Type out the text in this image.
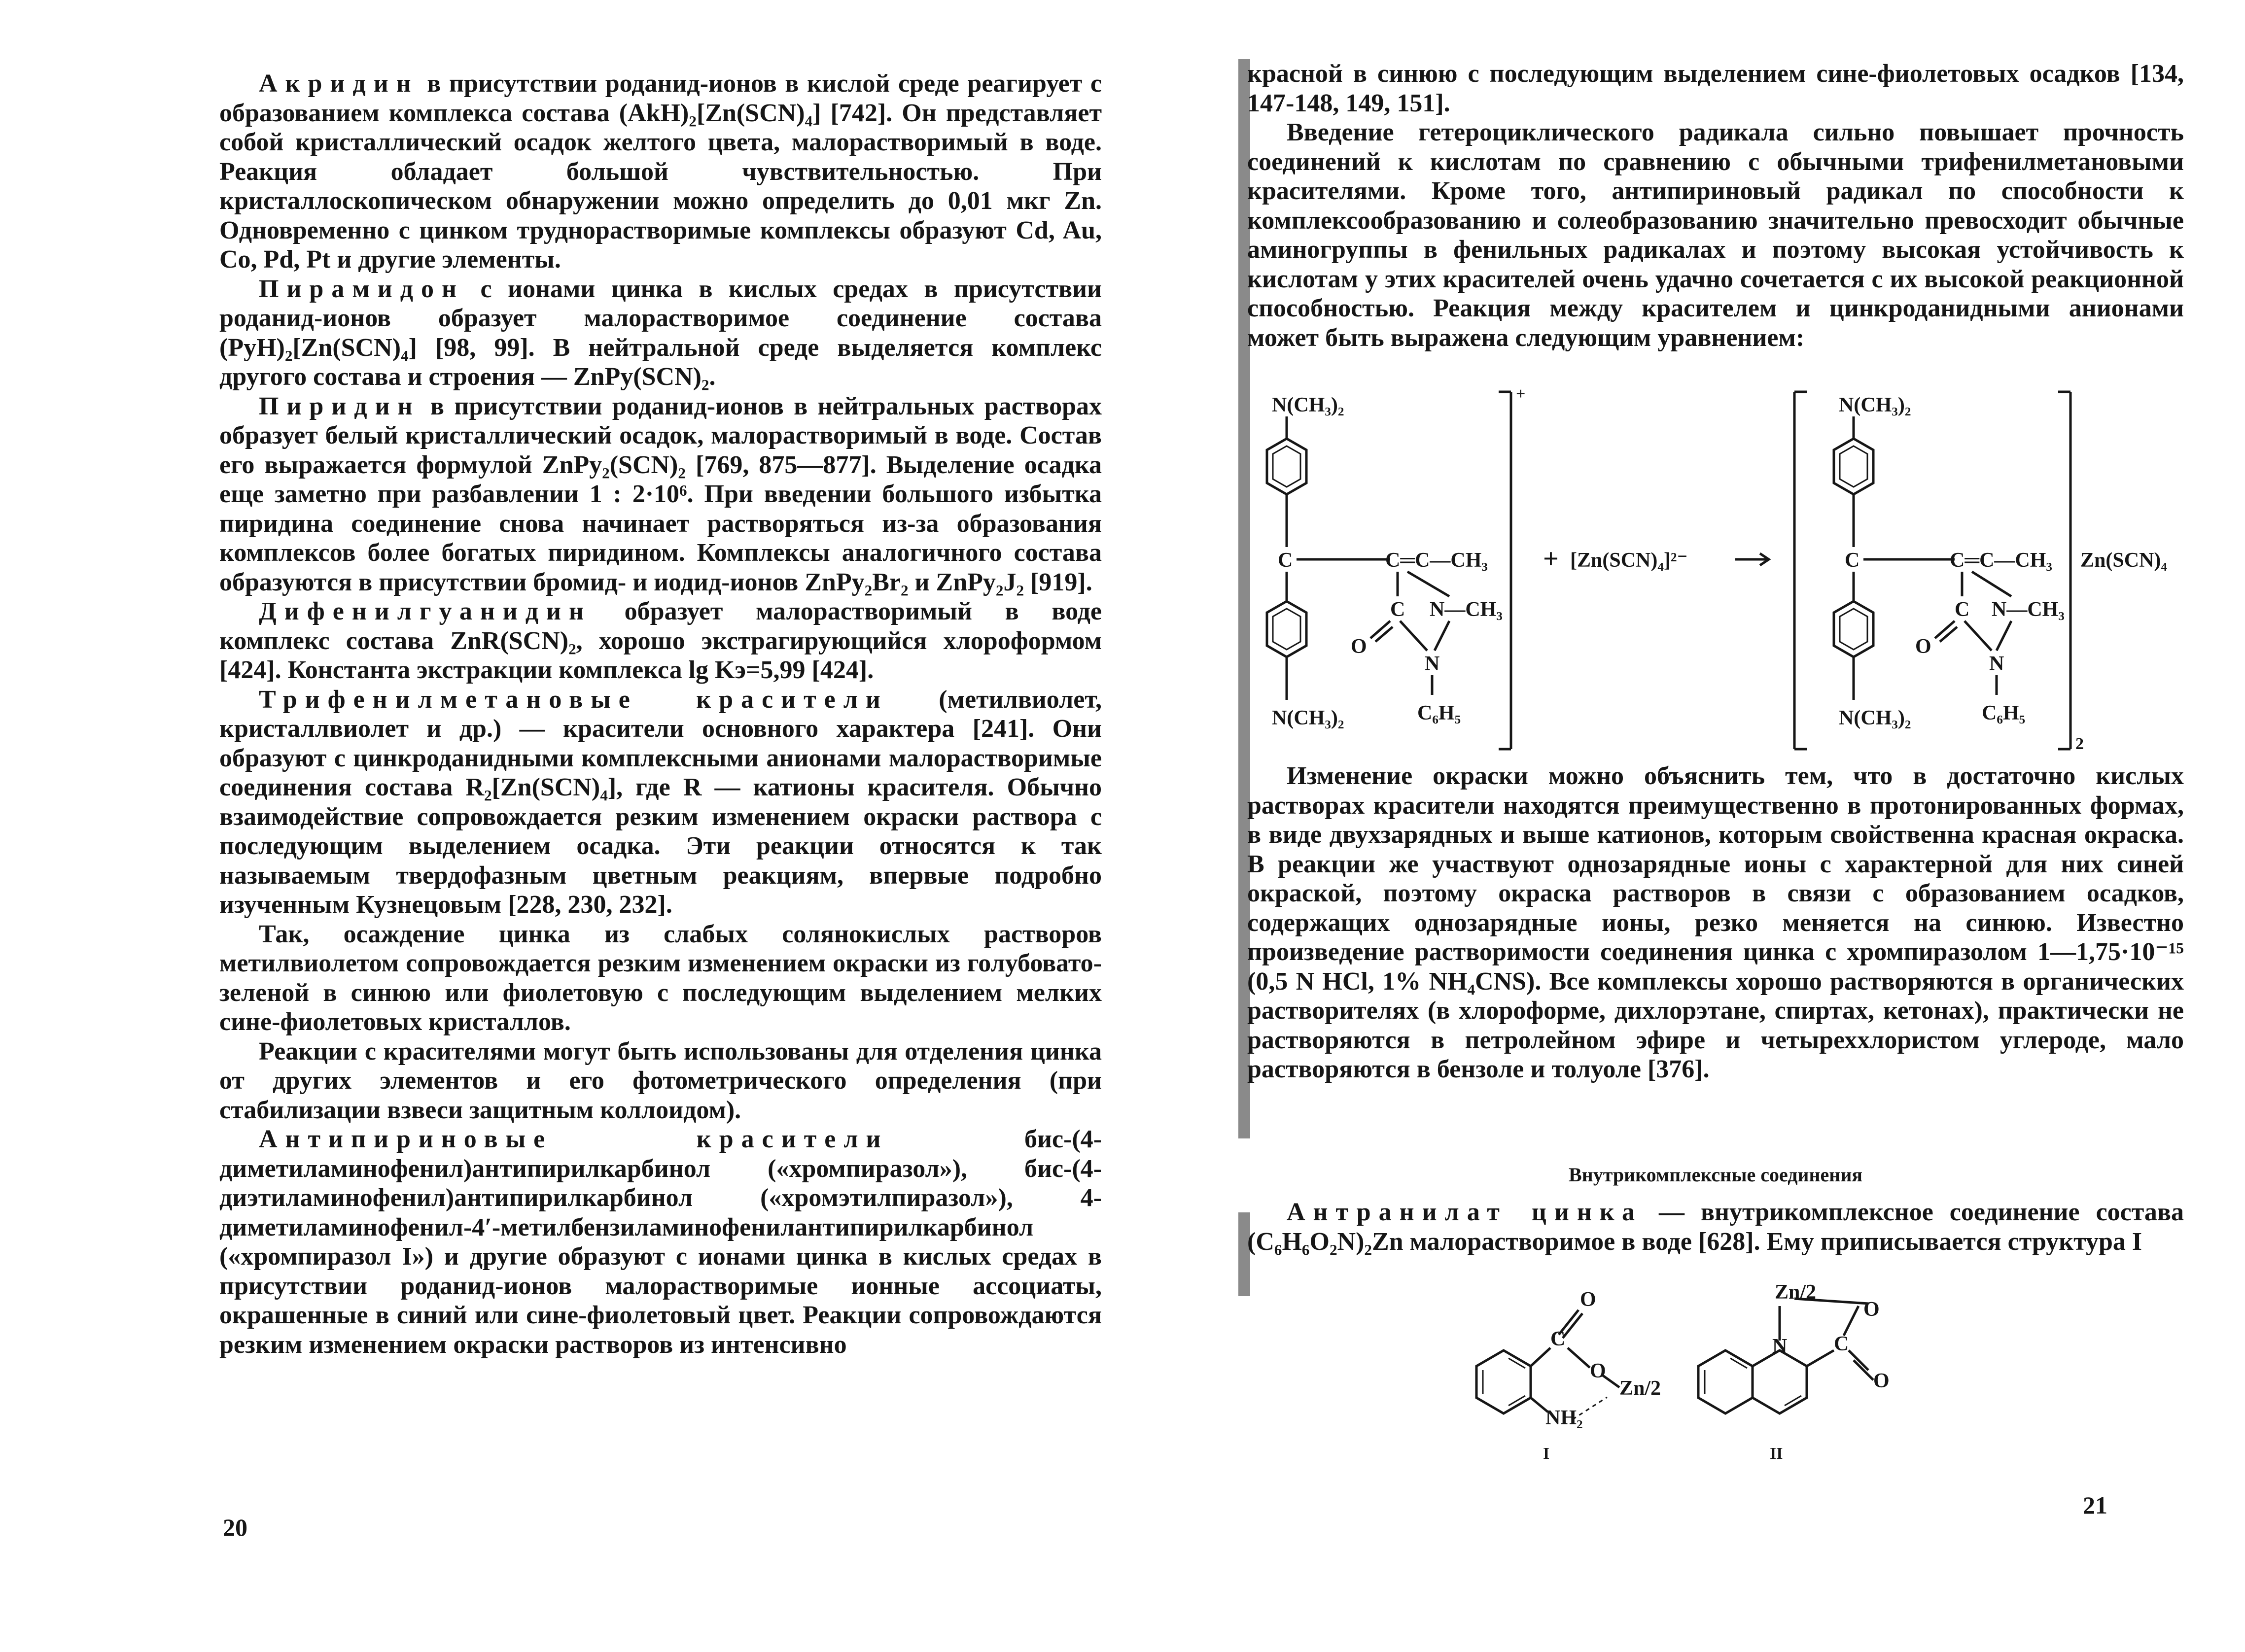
Акридин в присутствии роданид-ионов в кислой среде реагирует с образованием комплекса состава (AkH)₂[Zn(SCN)₄] [742]. Он представляет собой кристаллический осадок желтого цвета, малорастворимый в воде. Реакция обладает большой чувствительностью. При кристаллоскопическом обнаружении можно определить до 0,01 мкг Zn. Одновременно с цинком труднорастворимые комплексы образуют Cd, Au, Co, Pd, Pt и другие элементы.

Пирамидон с ионами цинка в кислых средах в присутствии роданид-ионов образует малорастворимое соединение состава (PyH)₂[Zn(SCN)₄] [98, 99]. В нейтральной среде выделяется комплекс другого состава и строения — ZnPy(SCN)₂.

Пиридин в присутствии роданид-ионов в нейтральных растворах образует белый кристаллический осадок, малорастворимый в воде. Состав его выражается формулой ZnPy₂(SCN)₂ [769, 875—877]. Выделение осадка еще заметно при разбавлении 1 : 2·10⁶. При введении большого избытка пиридина соединение снова начинает растворяться из-за образования комплексов более богатых пиридином. Комплексы аналогичного состава образуются в присутствии бромид- и иодид-ионов ZnPy₂Br₂ и ZnPy₂J₂ [919].

Дифенилгуанидин образует малорастворимый в воде комплекс состава ZnR(SCN)₂, хорошо экстрагирующийся хлороформом [424]. Константа экстракции комплекса lg Kэ=5,99 [424].

Трифенилметановые красители (метилвиолет, кристаллвиолет и др.) — красители основного характера [241]. Они образуют с цинкроданидными комплексными анионами малорастворимые соединения состава R₂[Zn(SCN)₄], где R — катионы красителя. Обычно взаимодействие сопровождается резким изменением окраски раствора с последующим выделением осадка. Эти реакции относятся к так называемым твердофазным цветным реакциям, впервые подробно изученным Кузнецовым [228, 230, 232].

Так, осаждение цинка из слабых солянокислых растворов метилвиолетом сопровождается резким изменением окраски из голубовато-зеленой в синюю или фиолетовую с последующим выделением мелких сине-фиолетовых кристаллов.

Реакции с красителями могут быть использованы для отделения цинка от других элементов и его фотометрического определения (при стабилизации взвеси защитным коллоидом).

Антипириновые красители бис-(4-диметиламинофенил)антипирилкарбинол («хромпиразол»), бис-(4-диэтиламинофенил)антипирилкарбинол («хромэтилпиразол»), 4-диметиламинофенил-4′-метилбензиламинофенилантипирилкарбинол («хромпиразол I») и другие образуют с ионами цинка в кислых средах в присутствии роданид-ионов малорастворимые ионные ассоциаты, окрашенные в синий или сине-фиолетовый цвет. Реакции сопровождаются резким изменением окраски растворов из интенсивно

20

красной в синюю с последующим выделением сине-фиолетовых осадков [134, 147-148, 149, 151].

Введение гетероциклического радикала сильно повышает прочность соединений к кислотам по сравнению с обычными трифенилметановыми красителями. Кроме того, антипириновый радикал по способности к комплексообразованию и солеобразованию значительно превосходит обычные аминогруппы в фенильных радикалах и поэтому высокая устойчивость к кислотам у этих красителей очень удачно сочетается с их высокой реакционной способностью. Реакция между красителем и цинкроданидными анионами может быть выражена следующим уравнением:

N(CH₃)₂
C	C═C—CH₃
C N—CH₃
O
N
C₆H₅
N(CH₃)₂
+
+ [Zn(SCN)₄]²⁻
N(CH₃)₂
C	C═C—CH₃
C N—CH₃
O
N
C₆H₅
N(CH₃)₂
2
Zn(SCN)₄

Изменение окраски можно объяснить тем, что в достаточно кислых растворах красители находятся преимущественно в протонированных формах, в виде двухзарядных и выше катионов, которым свойственна красная окраска. В реакции же участвуют однозарядные ионы с характерной для них синей окраской, поэтому окраска растворов в связи с образованием осадков, содержащих однозарядные ионы, резко меняется на синюю. Известно произведение растворимости соединения цинка с хромпиразолом 1—1,75·10⁻¹⁵ (0,5 N HCl, 1% NH₄CNS). Все комплексы хорошо растворяются в органических растворителях (в хлороформе, дихлорэтане, спиртах, кетонах), практически не растворяются в петролейном эфире и четыреххлористом углероде, мало растворяются в бензоле и толуоле [376].

Внутрикомплексные соединения

Антранилат цинка — внутрикомплексное соединение состава (C₆H₆O₂N)₂Zn малорастворимое в воде [628]. Ему приписывается структура I

C
O
O
Zn/2
NH₂
I
Zn/2
N C
O
O
II
21
